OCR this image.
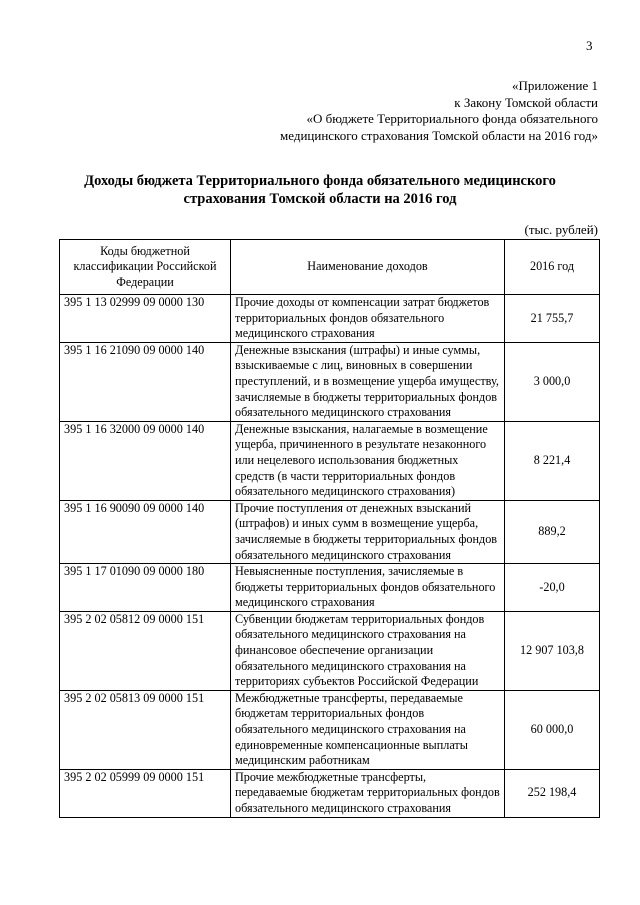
3
«Приложение 1
к Закону Томской области
«О бюджете Территориального фонда обязательного
медицинского страхования Томской области на 2016 год»
Доходы бюджета Территориального фонда обязательного медицинского
страхования Томской области на 2016 год
(тыс. рублей)
Коды бюджетной классификации Российской Федерации	Наименование доходов	2016 год
395 1 13 02999 09 0000 130	Прочие доходы от компенсации затрат бюджетов территориальных фондов обязательного медицинского страхования	21 755,7
395 1 16 21090 09 0000 140	Денежные взыскания (штрафы) и иные суммы, взыскиваемые с лиц, виновных в совершении преступлений, и в возмещение ущерба имуществу, зачисляемые в бюджеты территориальных фондов обязательного медицинского страхования	3 000,0
395 1 16 32000 09 0000 140	Денежные взыскания, налагаемые в возмещение ущерба, причиненного в результате незаконного или нецелевого использования бюджетных средств (в части территориальных фондов обязательного медицинского страхования)	8 221,4
395 1 16 90090 09 0000 140	Прочие поступления от денежных взысканий (штрафов) и иных сумм в возмещение ущерба, зачисляемые в бюджеты территориальных фондов обязательного медицинского страхования	889,2
395 1 17 01090 09 0000 180	Невыясненные поступления, зачисляемые в бюджеты территориальных фондов обязательного медицинского страхования	-20,0
395 2 02 05812 09 0000 151	Субвенции бюджетам территориальных фондов обязательного медицинского страхования на финансовое обеспечение организации обязательного медицинского страхования на территориях субъектов Российской Федерации	12 907 103,8
395 2 02 05813 09 0000 151	Межбюджетные трансферты, передаваемые бюджетам территориальных фондов обязательного медицинского страхования на единовременные компенсационные выплаты медицинским работникам	60 000,0
395 2 02 05999 09 0000 151	Прочие межбюджетные трансферты, передаваемые бюджетам территориальных фондов обязательного медицинского страхования	252 198,4
